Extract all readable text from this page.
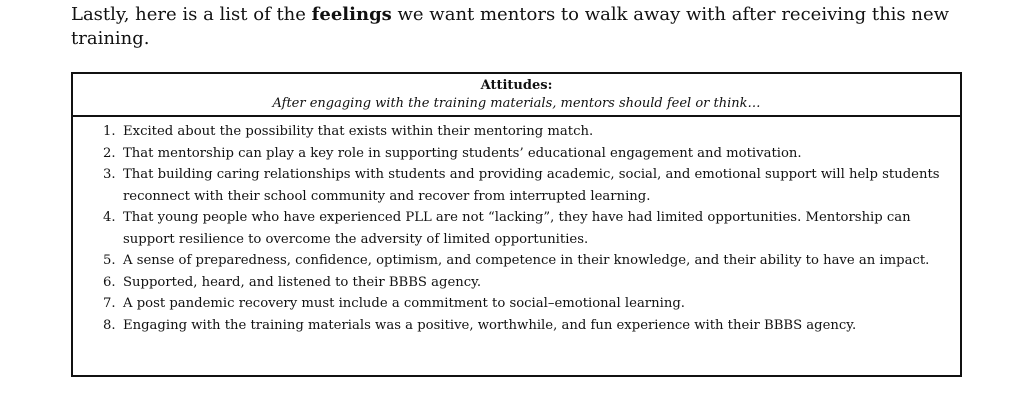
Lastly, here is a list of the feelings we want mentors to walk away with after receiving this new training.

Attitudes:
After engaging with the training materials, mentors should feel or think…
1. Excited about the possibility that exists within their mentoring match.
2. That mentorship can play a key role in supporting students’ educational engagement and motivation.
3. That building caring relationships with students and providing academic, social, and emotional support will help students reconnect with their school community and recover from interrupted learning.
4. That young people who have experienced PLL are not “lacking”, they have had limited opportunities. Mentorship can support resilience to overcome the adversity of limited opportunities.
5. A sense of preparedness, confidence, optimism, and competence in their knowledge, and their ability to have an impact.
6. Supported, heard, and listened to their BBBS agency.
7. A post pandemic recovery must include a commitment to social–emotional learning.
8. Engaging with the training materials was a positive, worthwhile, and fun experience with their BBBS agency.
